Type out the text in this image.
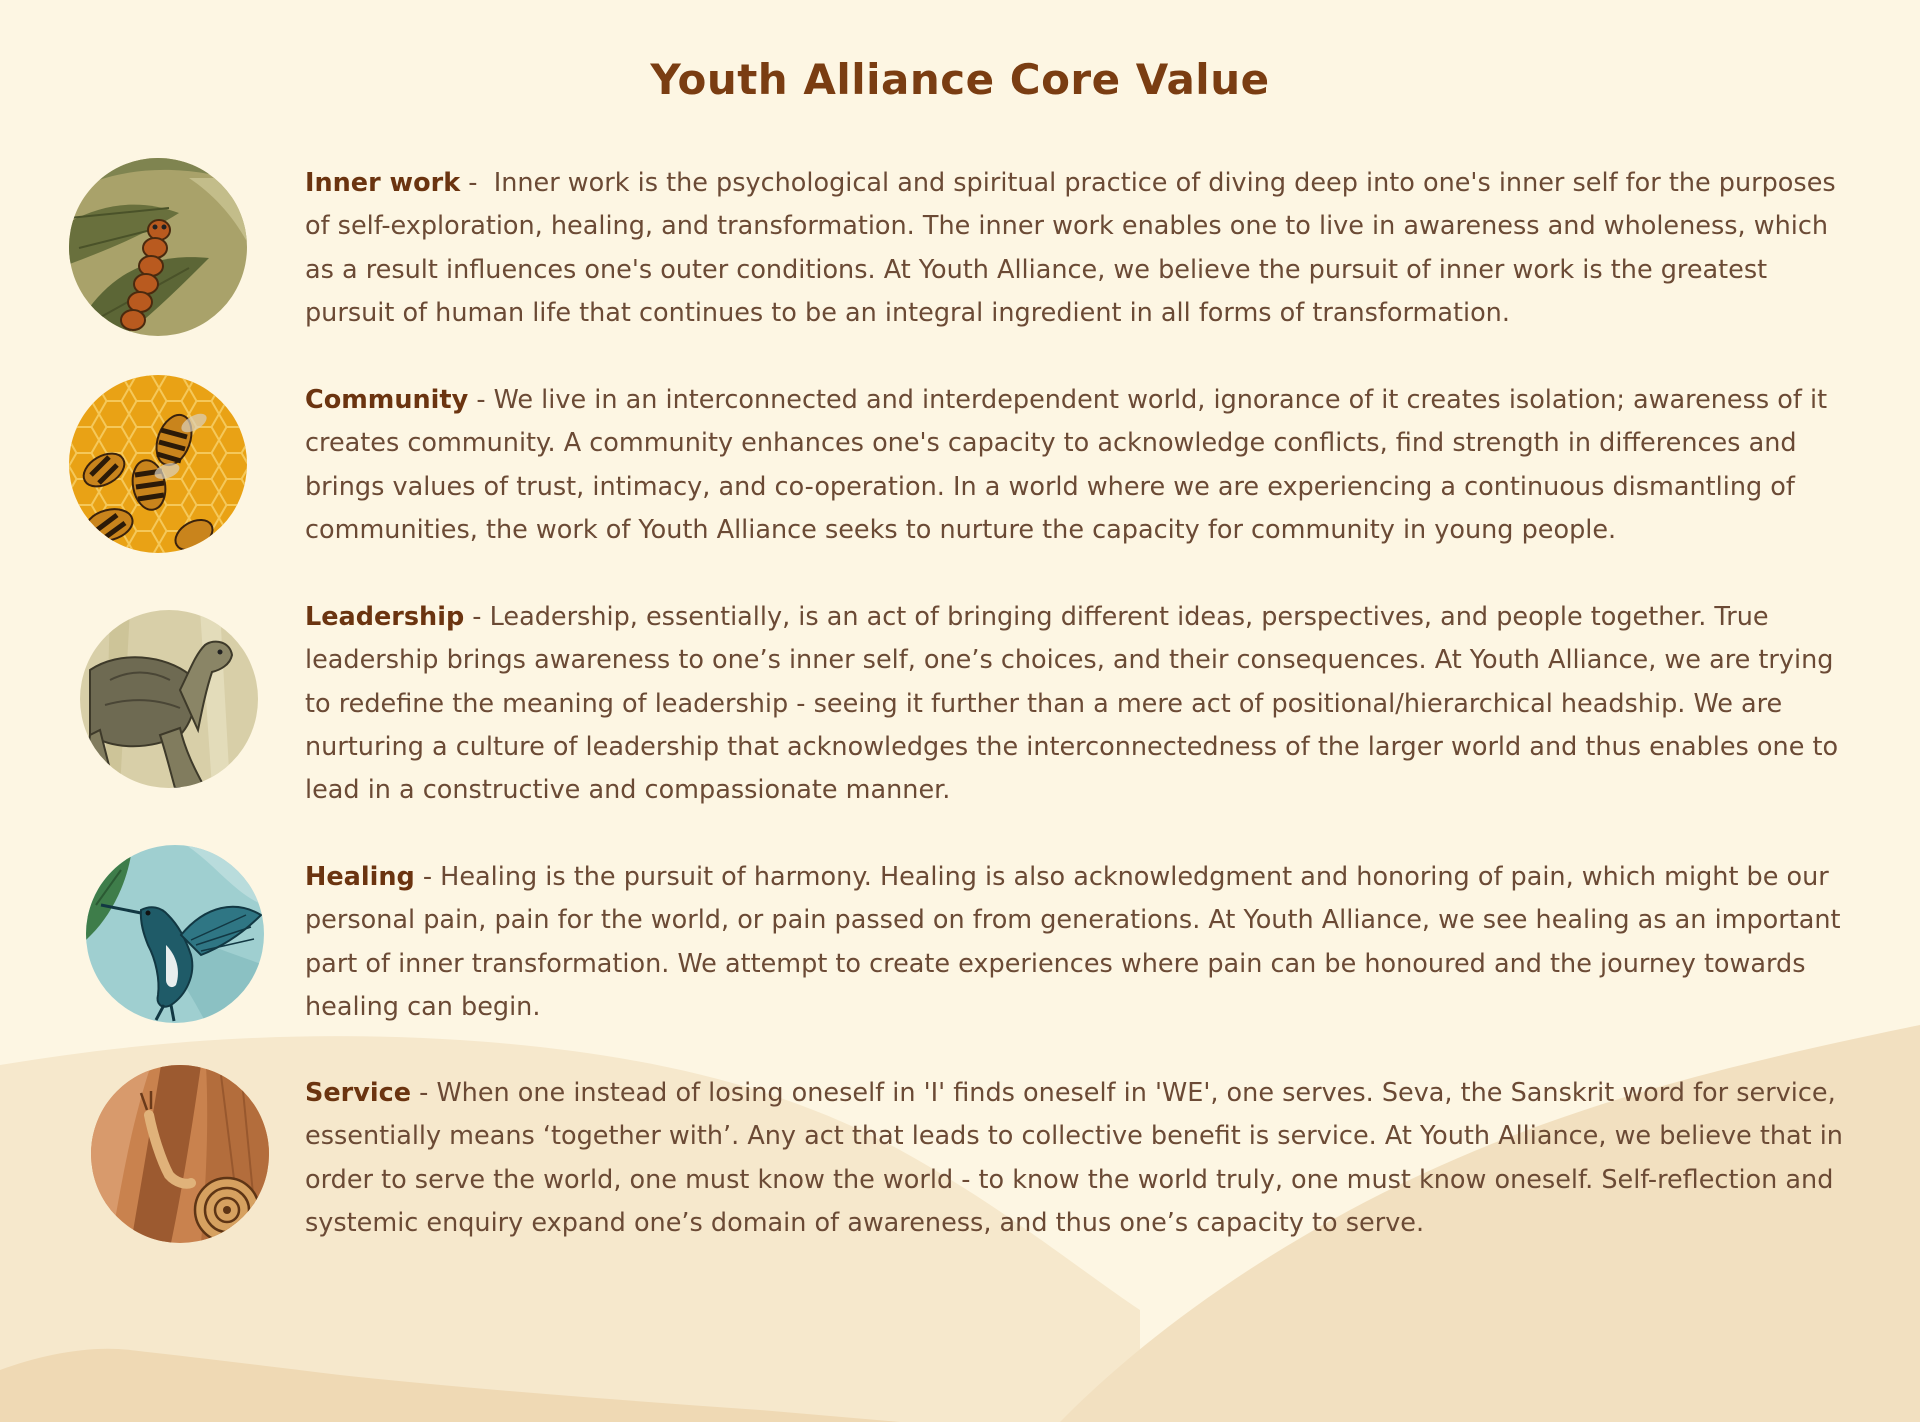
Youth Alliance Core Value

Inner work -  Inner work is the psychological and spiritual practice of diving deep into one's inner self for the purposes of self-exploration, healing, and transformation. The inner work enables one to live in awareness and wholeness, which as a result influences one's outer conditions. At Youth Alliance, we believe the pursuit of inner work is the greatest pursuit of human life that continues to be an integral ingredient in all forms of transformation.

Community - We live in an interconnected and interdependent world, ignorance of it creates isolation; awareness of it creates community. A community enhances one's capacity to acknowledge conflicts, find strength in differences and brings values of trust, intimacy, and co-operation. In a world where we are experiencing a continuous dismantling of communities, the work of Youth Alliance seeks to nurture the capacity for community in young people.

Leadership - Leadership, essentially, is an act of bringing different ideas, perspectives, and people together. True leadership brings awareness to one’s inner self, one’s choices, and their consequences. At Youth Alliance, we are trying to redefine the meaning of leadership - seeing it further than a mere act of positional/hierarchical headship. We are nurturing a culture of leadership that acknowledges the interconnectedness of the larger world and thus enables one to lead in a constructive and compassionate manner.

Healing - Healing is the pursuit of harmony. Healing is also acknowledgment and honoring of pain, which might be our personal pain, pain for the world, or pain passed on from generations. At Youth Alliance, we see healing as an important part of inner transformation. We attempt to create experiences where pain can be honoured and the journey towards healing can begin.

Service - When one instead of losing oneself in 'I' finds oneself in 'WE', one serves. Seva, the Sanskrit word for service, essentially means ‘together with’. Any act that leads to collective benefit is service. At Youth Alliance, we believe that in order to serve the world, one must know the world - to know the world truly, one must know oneself. Self-reflection and systemic enquiry expand one’s domain of awareness, and thus one’s capacity to serve.
